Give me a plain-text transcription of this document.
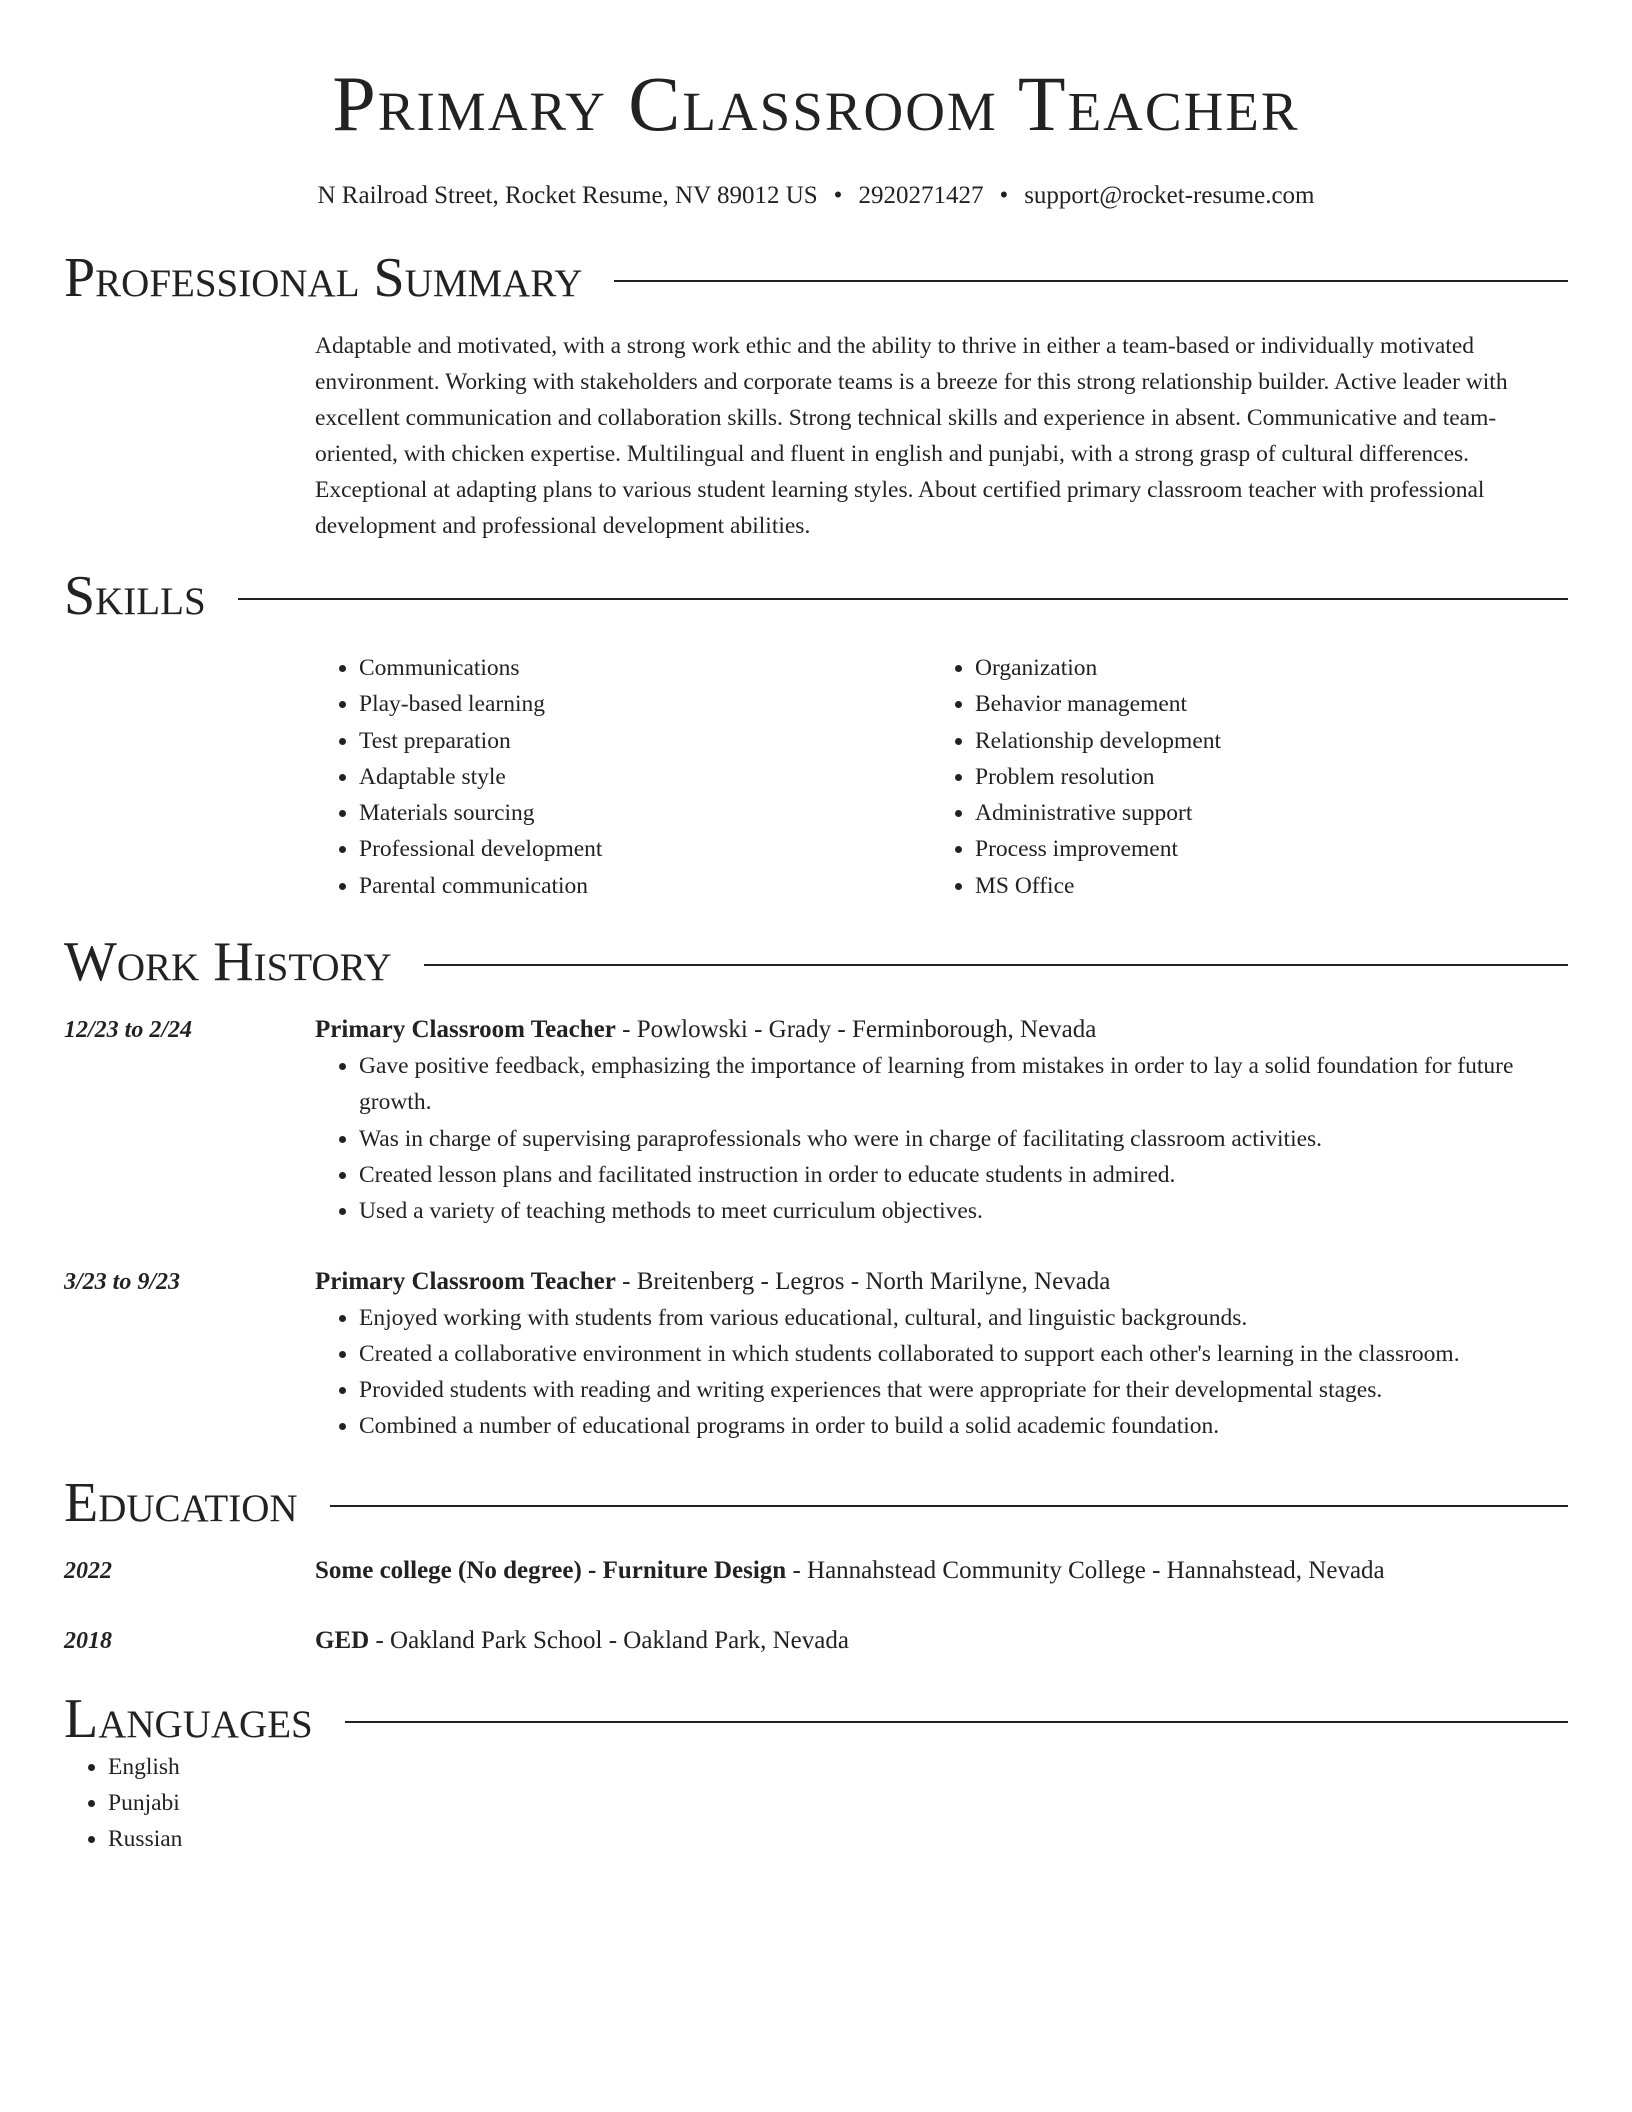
Primary Classroom Teacher
N Railroad Street, Rocket Resume, NV 89012 US • 2920271427 • support@rocket-resume.com
Professional Summary

Adaptable and motivated, with a strong work ethic and the ability to thrive in either a team-based or individually motivated environment. Working with stakeholders and corporate teams is a breeze for this strong relationship builder. Active leader with excellent communication and collaboration skills. Strong technical skills and experience in absent. Communicative and team-oriented, with chicken expertise. Multilingual and fluent in english and punjabi, with a strong grasp of cultural differences. Exceptional at adapting plans to various student learning styles. About certified primary classroom teacher with professional development and professional development abilities.

Skills
• Communications
• Play-based learning
• Test preparation
• Adaptable style
• Materials sourcing
• Professional development
• Parental communication
• Organization
• Behavior management
• Relationship development
• Problem resolution
• Administrative support
• Process improvement
• MS Office
Work History
12/23 to 2/24	Primary Classroom Teacher - Powlowski - Grady - Ferminborough, Nevada
• Gave positive feedback, emphasizing the importance of learning from mistakes in order to lay a solid foundation for future growth.
• Was in charge of supervising paraprofessionals who were in charge of facilitating classroom activities.
• Created lesson plans and facilitated instruction in order to educate students in admired.
• Used a variety of teaching methods to meet curriculum objectives.
3/23 to 9/23	Primary Classroom Teacher - Breitenberg - Legros - North Marilyne, Nevada
• Enjoyed working with students from various educational, cultural, and linguistic backgrounds.
• Created a collaborative environment in which students collaborated to support each other's learning in the classroom.
• Provided students with reading and writing experiences that were appropriate for their developmental stages.
• Combined a number of educational programs in order to build a solid academic foundation.
Education
2022	Some college (No degree) - Furniture Design - Hannahstead Community College - Hannahstead, Nevada
2018	GED - Oakland Park School - Oakland Park, Nevada
Languages
• English
• Punjabi
• Russian
